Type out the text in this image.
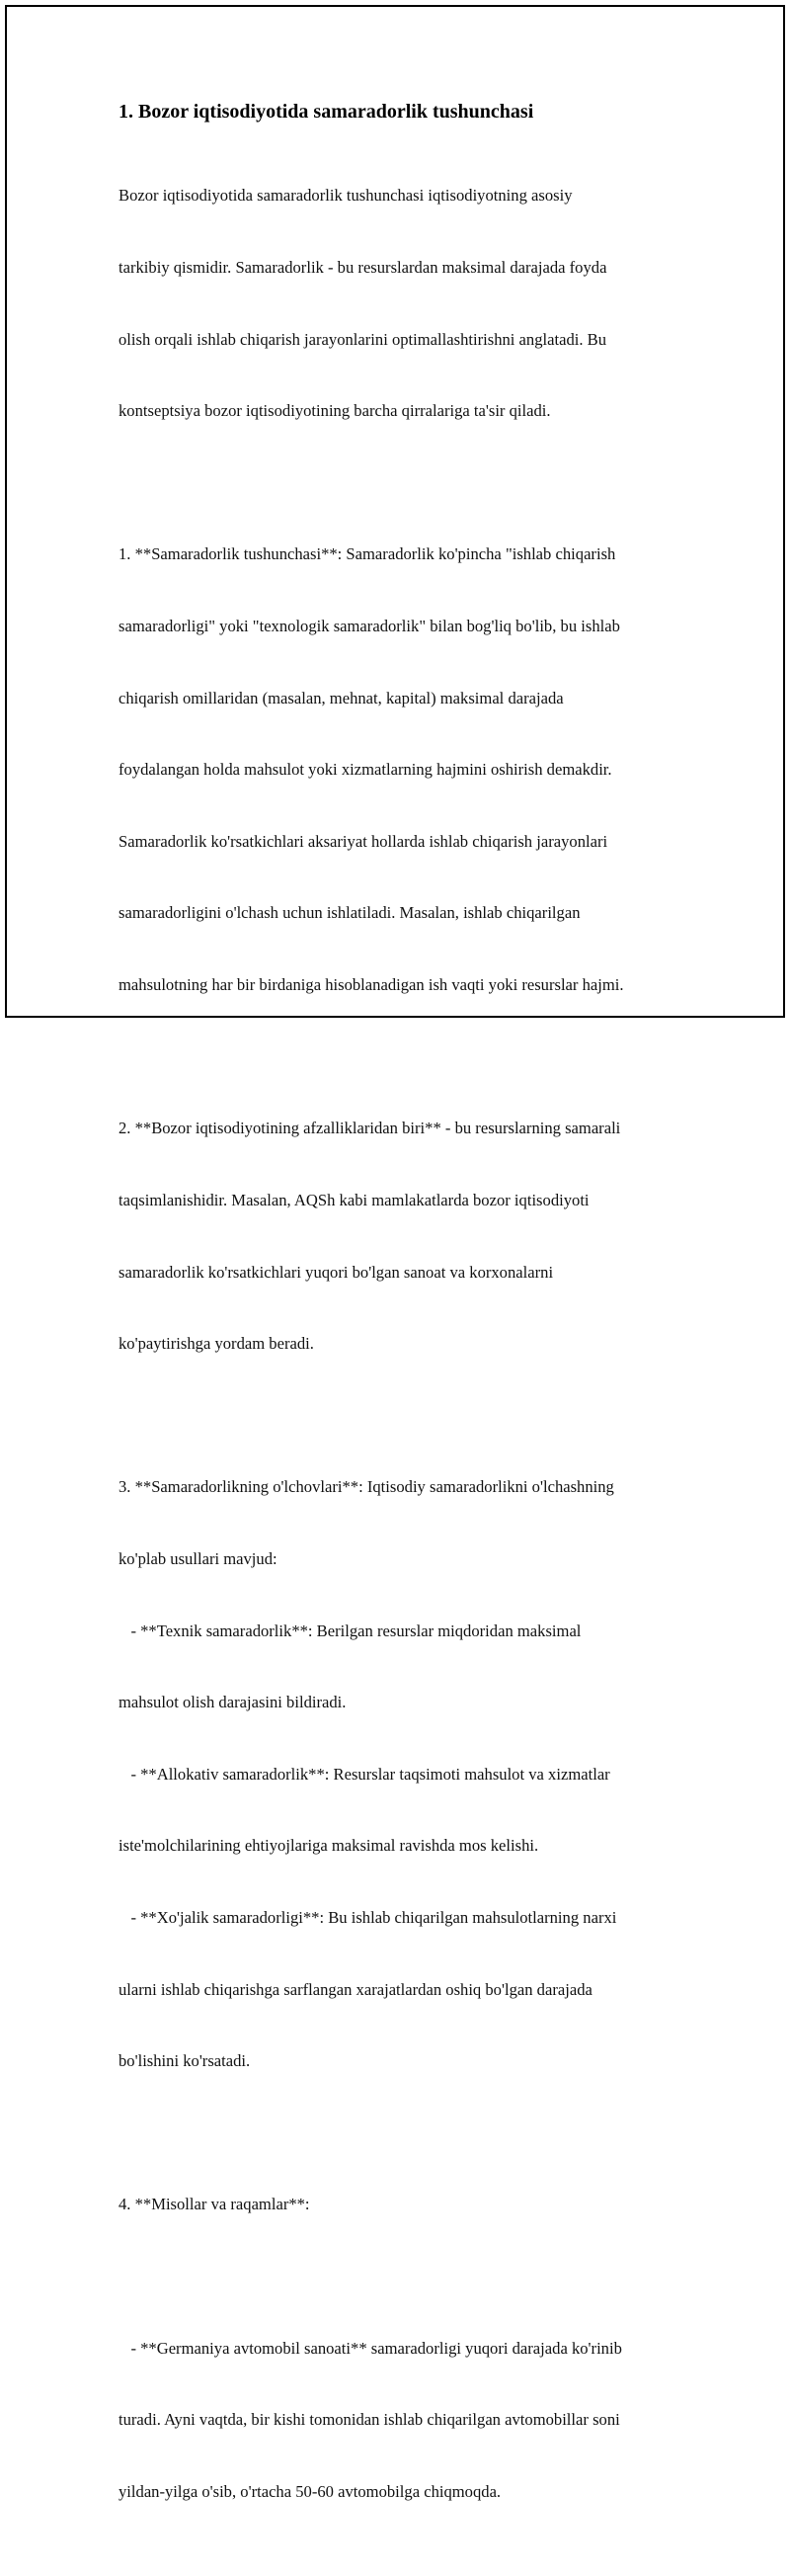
1. Bozor iqtisodiyotida samaradorlik tushunchasi

Bozor iqtisodiyotida samaradorlik tushunchasi iqtisodiyotning asosiy

tarkibiy qismidir. Samaradorlik - bu resurslardan maksimal darajada foyda

olish orqali ishlab chiqarish jarayonlarini optimallashtirishni anglatadi. Bu

kontseptsiya bozor iqtisodiyotining barcha qirralariga ta'sir qiladi.

1. **Samaradorlik tushunchasi**: Samaradorlik ko'pincha "ishlab chiqarish

samaradorligi" yoki "texnologik samaradorlik" bilan bog'liq bo'lib, bu ishlab

chiqarish omillaridan (masalan, mehnat, kapital) maksimal darajada

foydalangan holda mahsulot yoki xizmatlarning hajmini oshirish demakdir.

Samaradorlik ko'rsatkichlari aksariyat hollarda ishlab chiqarish jarayonlari

samaradorligini o'lchash uchun ishlatiladi. Masalan, ishlab chiqarilgan

mahsulotning har bir birdaniga hisoblanadigan ish vaqti yoki resurslar hajmi.

2. **Bozor iqtisodiyotining afzalliklaridan biri** - bu resurslarning samarali

taqsimlanishidir. Masalan, AQSh kabi mamlakatlarda bozor iqtisodiyoti

samaradorlik ko'rsatkichlari yuqori bo'lgan sanoat va korxonalarni

ko'paytirishga yordam beradi.

3. **Samaradorlikning o'lchovlari**: Iqtisodiy samaradorlikni o'lchashning

ko'plab usullari mavjud:

- **Texnik samaradorlik**: Berilgan resurslar miqdoridan maksimal

mahsulot olish darajasini bildiradi.

- **Allokativ samaradorlik**: Resurslar taqsimoti mahsulot va xizmatlar

iste'molchilarining ehtiyojlariga maksimal ravishda mos kelishi.

- **Xo'jalik samaradorligi**: Bu ishlab chiqarilgan mahsulotlarning narxi

ularni ishlab chiqarishga sarflangan xarajatlardan oshiq bo'lgan darajada

bo'lishini ko'rsatadi.

4. **Misollar va raqamlar**:

- **Germaniya avtomobil sanoati** samaradorligi yuqori darajada ko'rinib

turadi. Ayni vaqtda, bir kishi tomonidan ishlab chiqarilgan avtomobillar soni

yildan-yilga o'sib, o'rtacha 50-60 avtomobilga chiqmoqda.
